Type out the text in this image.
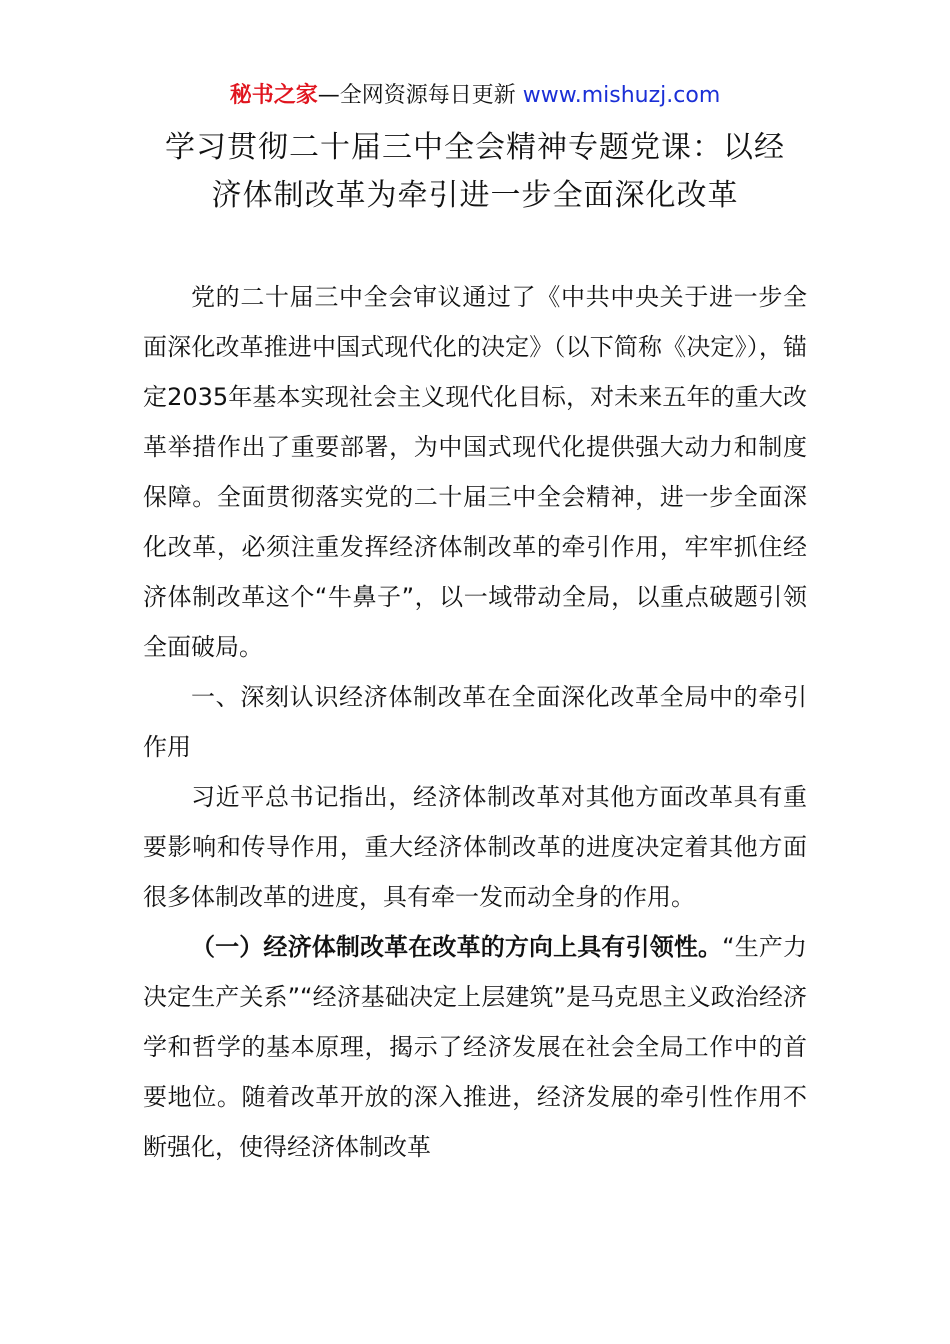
秘书之家—全网资源每日更新 www.mishuzj.com
学习贯彻二十届三中全会精神专题党课：以经
济体制改革为牵引进一步全面深化改革

党的二十届三中全会审议通过了《中共中央关于进一步全面深化改革推进中国式现代化的决定》（以下简称《决定》），锚定2035年基本实现社会主义现代化目标，对未来五年的重大改革举措作出了重要部署，为中国式现代化提供强大动力和制度保障。全面贯彻落实党的二十届三中全会精神，进一步全面深化改革，必须注重发挥经济体制改革的牵引作用，牢牢抓住经济体制改革这个“牛鼻子”，以一域带动全局，以重点破题引领全面破局。

一、深刻认识经济体制改革在全面深化改革全局中的牵引作用

习近平总书记指出，经济体制改革对其他方面改革具有重要影响和传导作用，重大经济体制改革的进度决定着其他方面很多体制改革的进度，具有牵一发而动全身的作用。

（一）经济体制改革在改革的方向上具有引领性。“生产力决定生产关系”“经济基础决定上层建筑”是马克思主义政治经济学和哲学的基本原理，揭示了经济发展在社会全局工作中的首要地位。随着改革开放的深入推进，经济发展的牵引性作用不断强化，使得经济体制改革
